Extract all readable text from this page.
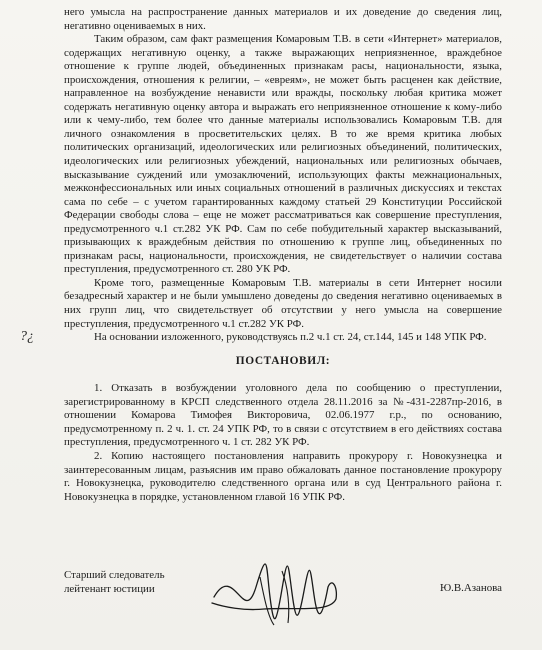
?¿

него умысла на распространение данных материалов и их доведение до сведения лиц, негативно оцениваемых в них.

Таким образом, сам факт размещения Комаровым Т.В. в сети «Интернет» материалов, содержащих негативную оценку, а также выражающих неприязненное, враждебное отношение к группе людей, объединенных признакам расы, национальности, языка, происхождения, отношения к религии, – «евреям», не может быть расценен как действие, направленное на возбуждение ненависти или вражды, поскольку любая критика может содержать негативную оценку автора и выражать его неприязненное отношение к кому-либо или к чему-либо, тем более что данные материалы использовались Комаровым Т.В. для личного ознакомления в просветительских целях. В то же время критика любых политических организаций, идеологических или религиозных объединений, политических, идеологических или религиозных убеждений, национальных или религиозных обычаев, высказывание суждений или умозаключений, использующих факты межнациональных, межконфессиональных или иных социальных отношений в различных дискуссиях и текстах сама по себе – с учетом гарантированных каждому статьей 29 Конституции Российской Федерации свободы слова – еще не может рассматриваться как совершение преступления, предусмотренного ч.1 ст.282 УК РФ. Сам по себе побудительный характер высказываний, призывающих к враждебным действия по отношению к группе лиц, объединенных по признакам расы, национальности, происхождения, не свидетельствует о наличии состава преступления, предусмотренного ст. 280 УК РФ.

Кроме того, размещенные Комаровым Т.В. материалы в сети Интернет носили безадресный характер и не были умышлено доведены до сведения негативно оцениваемых в них групп лиц, что свидетельствует об отсутствии у него умысла на совершение преступления, предусмотренного ч.1 ст.282 УК РФ.

На основании изложенного, руководствуясь п.2 ч.1 ст. 24, ст.144, 145 и 148 УПК РФ.

ПОСТАНОВИЛ:

1. Отказать в возбуждении уголовного дела по сообщению о преступлении, зарегистрированному в КРСП следственного отдела 28.11.2016 за №-431-2287пр-2016, в отношении Комарова Тимофея Викторовича, 02.06.1977 г.р., по основанию, предусмотренному п. 2 ч. 1. ст. 24 УПК РФ, то в связи с отсутствием в его действиях состава преступления, предусмотренного ч. 1 ст. 282 УК РФ.

2. Копию настоящего постановления направить прокурору г. Новокузнецка и заинтересованным лицам, разъяснив им право обжаловать данное постановление прокурору г. Новокузнецка, руководителю следственного органа или в суд Центрального района г. Новокузнецка в порядке, установленном главой 16 УПК РФ.

Старший следователь
лейтенант юстиции	Ю.В.Азанова
